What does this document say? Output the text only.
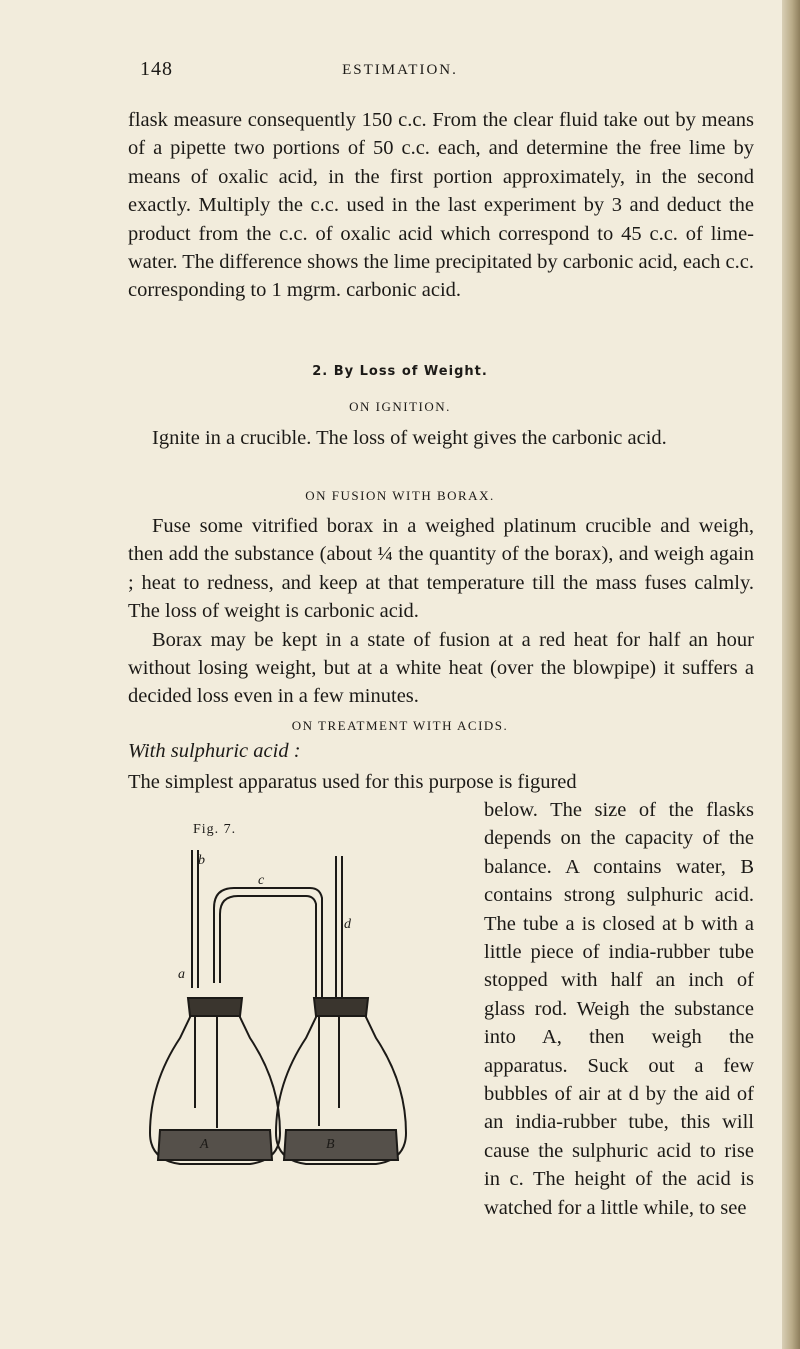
148	ESTIMATION.

flask measure consequently 150 c.c. From the clear fluid take out by means of a pipette two portions of 50 c.c. each, and determine the free lime by means of oxalic acid, in the first portion approximately, in the second exactly. Multiply the c.c. used in the last experiment by 3 and deduct the product from the c.c. of oxalic acid which correspond to 45 c.c. of lime-water. The difference shows the lime precipitated by carbonic acid, each c.c. corresponding to 1 mgrm. carbonic acid.

2. By Loss of Weight.
ON IGNITION.
Ignite in a crucible. The loss of weight gives the carbonic acid.
ON FUSION WITH BORAX.

Fuse some vitrified borax in a weighed platinum crucible and weigh, then add the substance (about ¼ the quantity of the borax), and weigh again ; heat to redness, and keep at that temperature till the mass fuses calmly. The loss of weight is carbonic acid.

Borax may be kept in a state of fusion at a red heat for half an hour without losing weight, but at a white heat (over the blowpipe) it suffers a decided loss even in a few minutes.

ON TREATMENT WITH ACIDS.
With sulphuric acid :
The simplest apparatus used for this purpose is figured
below. The size of the flasks depends on the capacity of the balance. A contains water, B contains strong sulphuric acid. The tube a is closed at b with a little piece of india-rubber tube stopped with half an inch of glass rod. Weigh the substance into A, then weigh the apparatus. Suck out a few bubbles of air at d by the aid of an india-rubber tube, this will cause the sulphuric acid to rise in c. The height of the acid is watched for a little while, to see
Fig. 7.
b
c
d
a
A	B
